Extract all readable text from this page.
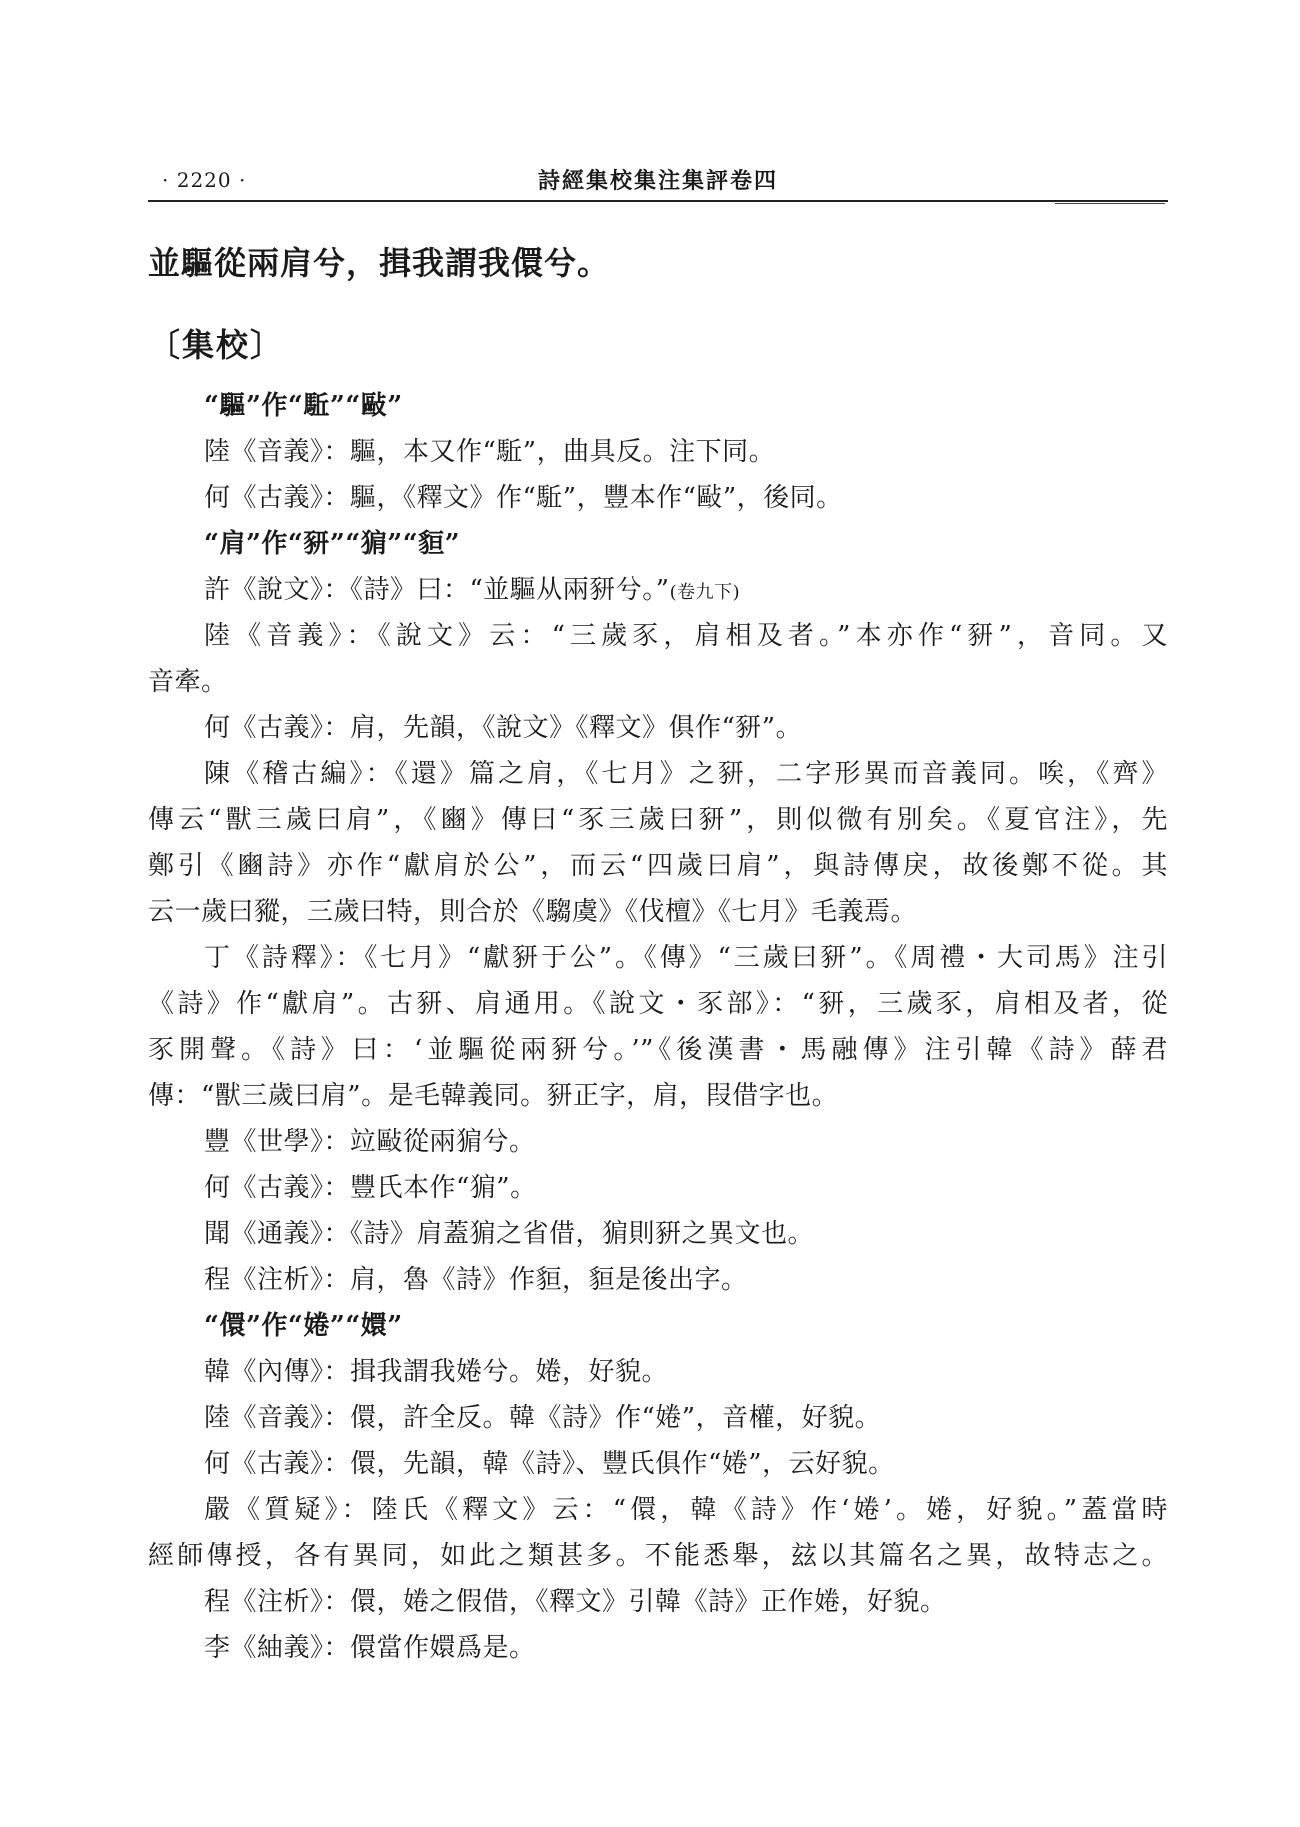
· 2220 ·	詩經集校集注集評卷四
並驅從兩肩兮，揖我謂我儇兮。
〔集校〕
“驅”作“駈”“敺”
陸《音義》：驅，本又作“駈”，曲具反。注下同。
何《古義》：驅，《釋文》作“駈”，豐本作“敺”，後同。
“肩”作“豜”“猏”“貆”
許《說文》：《詩》曰：“並驅从兩豜兮。”(卷九下)
陸《音義》：《說文》云：“三歲豕，肩相及者。”本亦作“豜”，音同。又
音牽。
何《古義》：肩，先韻，《說文》《釋文》俱作“豜”。
陳《稽古編》：《還》篇之肩，《七月》之豜，二字形異而音義同。唉，《齊》
傳云“獸三歲曰肩”，《豳》傳曰“豕三歲曰豜”，則似微有別矣。《夏官注》，先
鄭引《豳詩》亦作“獻肩於公”，而云“四歲曰肩”，與詩傳戾，故後鄭不從。其
云一歲曰豵，三歲曰特，則合於《騶虞》《伐檀》《七月》毛義焉。
丁《詩釋》：《七月》“獻豜于公”。《傳》“三歲曰豜”。《周禮・大司馬》注引
《詩》作“獻肩”。古豜、肩通用。《說文・豕部》：“豜，三歲豕，肩相及者，從
豕開聲。《詩》曰：‘並驅從兩豜兮。’”《後漢書・馬融傳》注引韓《詩》薛君
傳：“獸三歲曰肩”。是毛韓義同。豜正字，肩，叚借字也。
豐《世學》：竝敺從兩猏兮。
何《古義》：豐氏本作“猏”。
聞《通義》：《詩》肩蓋猏之省借，猏則豣之異文也。
程《注析》：肩，魯《詩》作貆，貆是後出字。
“儇”作“婘”“嬛”
韓《內傳》：揖我謂我婘兮。婘，好貌。
陸《音義》：儇，許全反。韓《詩》作“婘”，音權，好貌。
何《古義》：儇，先韻，韓《詩》、豐氏俱作“婘”，云好貌。
嚴《質疑》：陸氏《釋文》云：“儇，韓《詩》作‘婘’。婘，好貌。”蓋當時
經師傳授，各有異同，如此之類甚多。不能悉舉，玆以其篇名之異，故特志之。
程《注析》：儇，婘之假借，《釋文》引韓《詩》正作婘，好貌。
李《紬義》：儇當作嬛爲是。
